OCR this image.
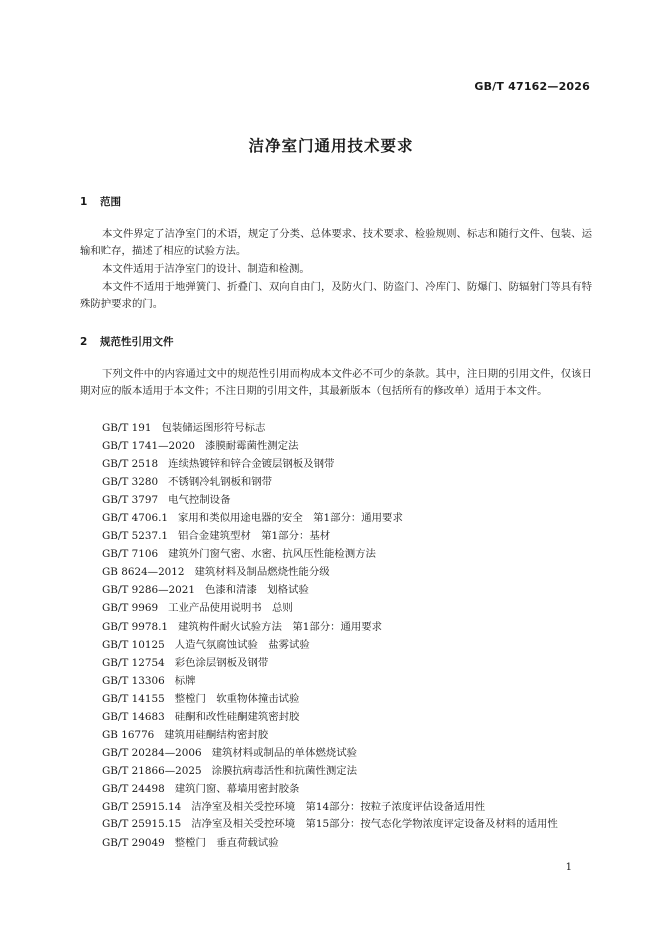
GB/T 47162—2026
洁净室门通用技术要求
1 范围
本文件界定了洁净室门的术语，规定了分类、总体要求、技术要求、检验规则、标志和随行文件、包装、运输和贮存，描述了相应的试验方法。
本文件适用于洁净室门的设计、制造和检测。
本文件不适用于地弹簧门、折叠门、双向自由门，及防火门、防盗门、冷库门、防爆门、防辐射门等具有特殊防护要求的门。
2 规范性引用文件
下列文件中的内容通过文中的规范性引用而构成本文件必不可少的条款。其中，注日期的引用文件，仅该日期对应的版本适用于本文件；不注日期的引用文件，其最新版本（包括所有的修改单）适用于本文件。
GB/T 191 包装储运图形符号标志
GB/T 1741—2020 漆膜耐霉菌性测定法
GB/T 2518 连续热镀锌和锌合金镀层钢板及钢带
GB/T 3280 不锈钢冷轧钢板和钢带
GB/T 3797 电气控制设备
GB/T 4706.1 家用和类似用途电器的安全　第1部分：通用要求
GB/T 5237.1 铝合金建筑型材　第1部分：基材
GB/T 7106 建筑外门窗气密、水密、抗风压性能检测方法
GB 8624—2012 建筑材料及制品燃烧性能分级
GB/T 9286—2021 色漆和清漆　划格试验
GB/T 9969 工业产品使用说明书　总则
GB/T 9978.1 建筑构件耐火试验方法　第1部分：通用要求
GB/T 10125 人造气氛腐蚀试验　盐雾试验
GB/T 12754 彩色涂层钢板及钢带
GB/T 13306 标牌
GB/T 14155 整樘门　软重物体撞击试验
GB/T 14683 硅酮和改性硅酮建筑密封胶
GB 16776 建筑用硅酮结构密封胶
GB/T 20284—2006 建筑材料或制品的单体燃烧试验
GB/T 21866—2025 涂膜抗病毒活性和抗菌性测定法
GB/T 24498 建筑门窗、幕墙用密封胶条
GB/T 25915.14 洁净室及相关受控环境　第14部分：按粒子浓度评估设备适用性
GB/T 25915.15 洁净室及相关受控环境　第15部分：按气态化学物浓度评定设备及材料的适用性
GB/T 29049 整樘门　垂直荷载试验
1
